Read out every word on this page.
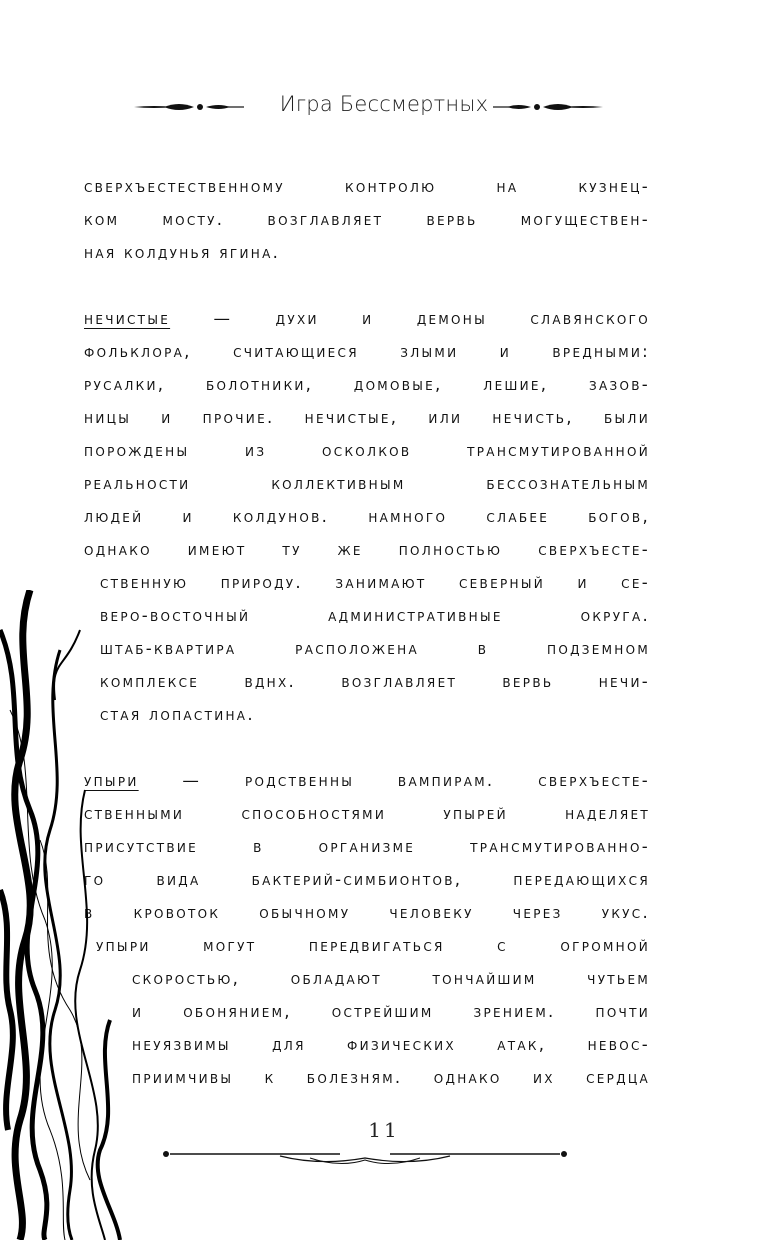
Игра Бессмертных
сверхъестественному контролю на кузнец-
ком мосту. возглавляет вервь могуществен-
ная колдунья ягина.
нечистые — духи и демоны славянского
фольклора, считающиеся злыми и вредными:
русалки, болотники, домовые, лешие, зазов-
ницы и прочие. нечистые, или нечисть, были
порождены из осколков трансмутированной
реальности коллективным бессознательным
людей и колдунов. намного слабее богов,
однако имеют ту же полностью сверхъесте-
ственную природу. занимают северный и се-
веро-восточный административные округа.
штаб-квартира расположена в подземном
комплексе вднх. возглавляет вервь нечи-
стая лопастина.
упыри — родственны вампирам. сверхъесте-
ственными способностями упырей наделяет
присутствие в организме трансмутированно-
го вида бактерий-симбионтов, передающихся
в кровоток обычному человеку через укус.
упыри могут передвигаться с огромной
скоростью, обладают тончайшим чутьем
и обонянием, острейшим зрением. почти
неуязвимы для физических атак, невос-
приимчивы к болезням. однако их сердца
11
